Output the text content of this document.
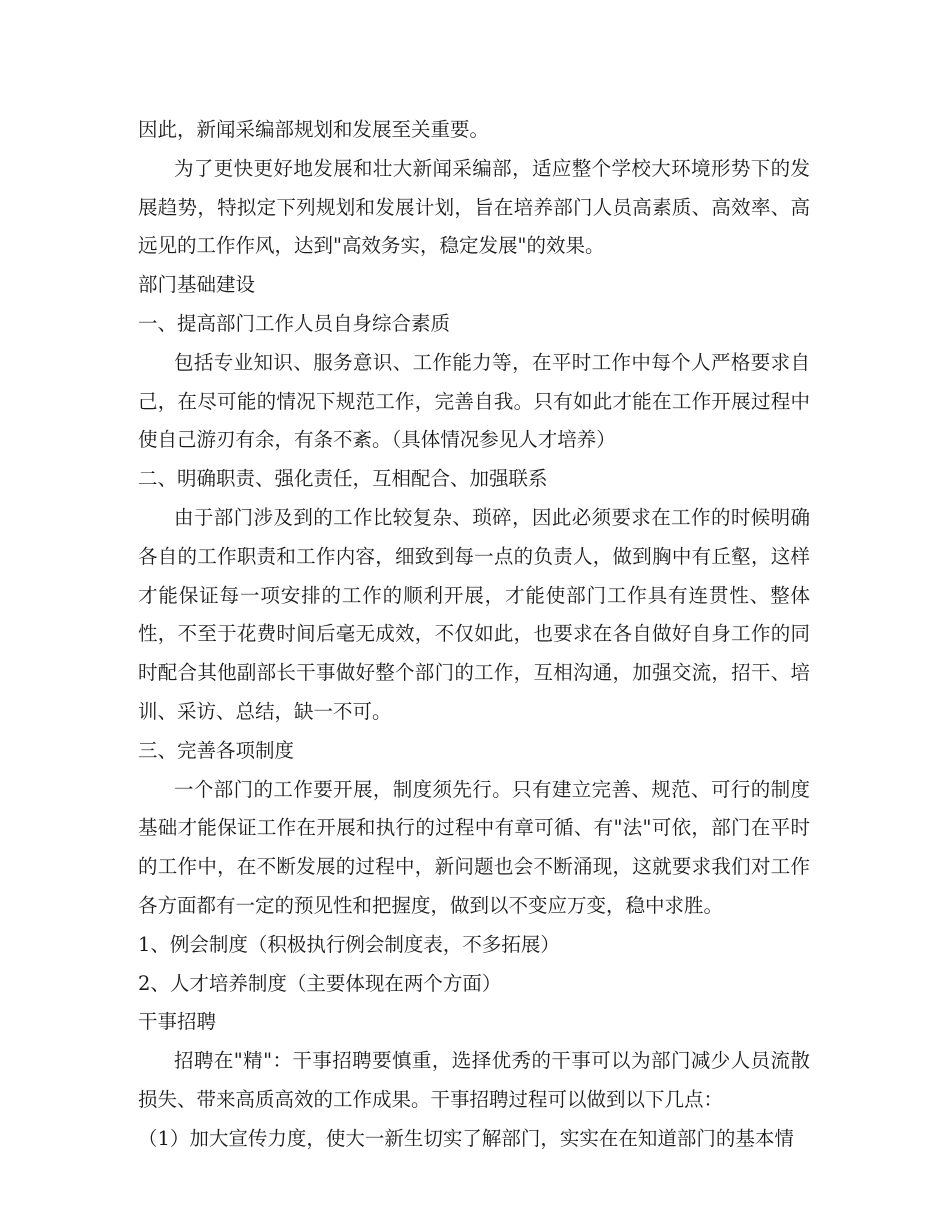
因此，新闻采编部规划和发展至关重要。

为了更快更好地发展和壮大新闻采编部，适应整个学校大环境形势下的发展趋势，特拟定下列规划和发展计划，旨在培养部门人员高素质、高效率、高远见的工作作风，达到"高效务实，稳定发展"的效果。

部门基础建设

一、提高部门工作人员自身综合素质

包括专业知识、服务意识、工作能力等，在平时工作中每个人严格要求自己，在尽可能的情况下规范工作，完善自我。只有如此才能在工作开展过程中使自己游刃有余，有条不紊。（具体情况参见人才培养）

二、明确职责、强化责任，互相配合、加强联系

由于部门涉及到的工作比较复杂、琐碎，因此必须要求在工作的时候明确各自的工作职责和工作内容，细致到每一点的负责人，做到胸中有丘壑，这样才能保证每一项安排的工作的顺利开展，才能使部门工作具有连贯性、整体性，不至于花费时间后毫无成效，不仅如此，也要求在各自做好自身工作的同时配合其他副部长干事做好整个部门的工作，互相沟通，加强交流，招干、培训、采访、总结，缺一不可。

三、完善各项制度

一个部门的工作要开展，制度须先行。只有建立完善、规范、可行的制度基础才能保证工作在开展和执行的过程中有章可循、有"法"可依，部门在平时的工作中，在不断发展的过程中，新问题也会不断涌现，这就要求我们对工作各方面都有一定的预见性和把握度，做到以不变应万变，稳中求胜。

1、例会制度（积极执行例会制度表，不多拓展）

2、人才培养制度（主要体现在两个方面）

干事招聘

招聘在"精"：干事招聘要慎重，选择优秀的干事可以为部门减少人员流散损失、带来高质高效的工作成果。干事招聘过程可以做到以下几点：

（1）加大宣传力度，使大一新生切实了解部门，实实在在知道部门的基本情
